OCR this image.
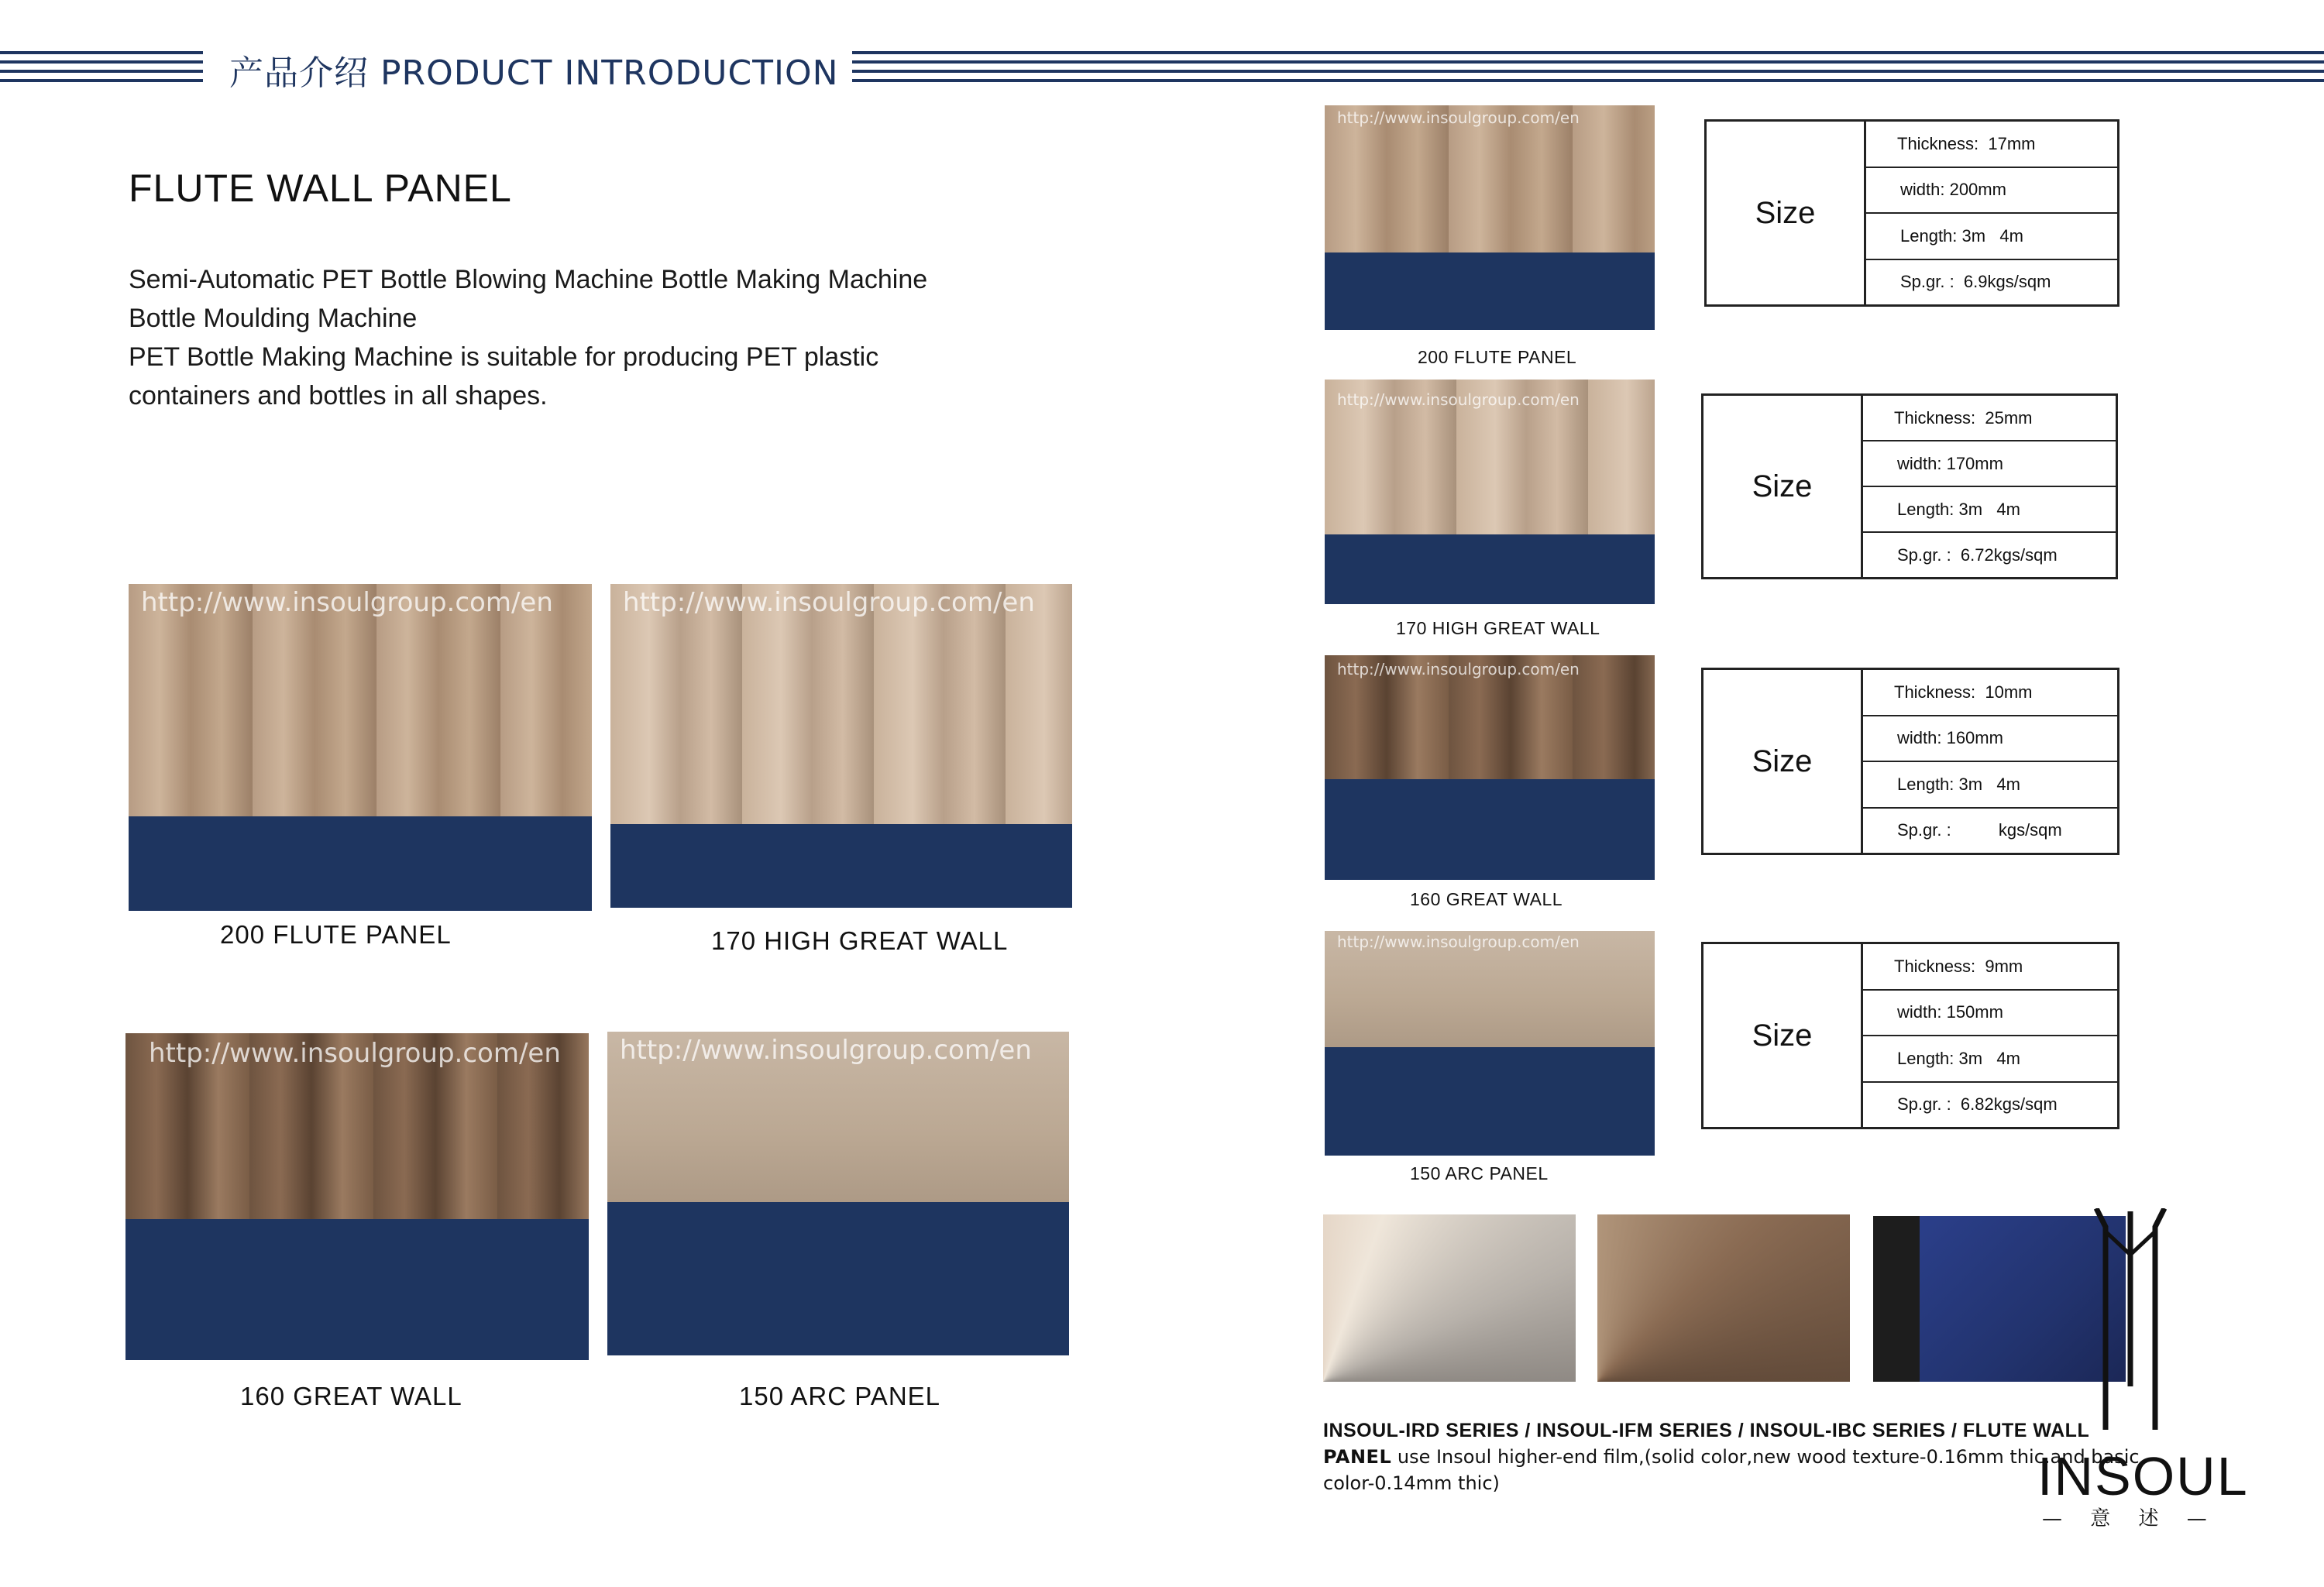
产品介绍 PRODUCT INTRODUCTION
FLUTE WALL PANEL

Semi-Automatic PET Bottle Blowing Machine Bottle Making Machine

Bottle Moulding Machine

PET Bottle Making Machine is suitable for producing PET plastic

containers and bottles in all shapes.

http://www.insoulgroup.com/en
200 FLUTE PANEL
http://www.insoulgroup.com/en
170 HIGH GREAT WALL
http://www.insoulgroup.com/en
160 GREAT WALL
http://www.insoulgroup.com/en
150 ARC PANEL
http://www.insoulgroup.com/en
200 FLUTE PANEL
Size
Thickness:  17mm
width: 200mm
Length: 3m   4m
Sp.gr. :  6.9kgs/sqm
http://www.insoulgroup.com/en
170 HIGH GREAT WALL
Size
Thickness:  25mm
width: 170mm
Length: 3m   4m
Sp.gr. :  6.72kgs/sqm
http://www.insoulgroup.com/en
160 GREAT WALL
Size
Thickness:  10mm
width: 160mm
Length: 3m   4m
Sp.gr. :          kgs/sqm
http://www.insoulgroup.com/en
150 ARC PANEL
Size
Thickness:  9mm
width: 150mm
Length: 3m   4m
Sp.gr. :  6.82kgs/sqm
INSOUL-IRD SERIES / INSOUL-IFM SERIES / INSOUL-IBC SERIES / FLUTE WALL
PANEL use Insoul higher-end film,(solid color,new wood texture-0.16mm thic.and basic color-0.14mm thic)	INSOUL
— 意 述 —
